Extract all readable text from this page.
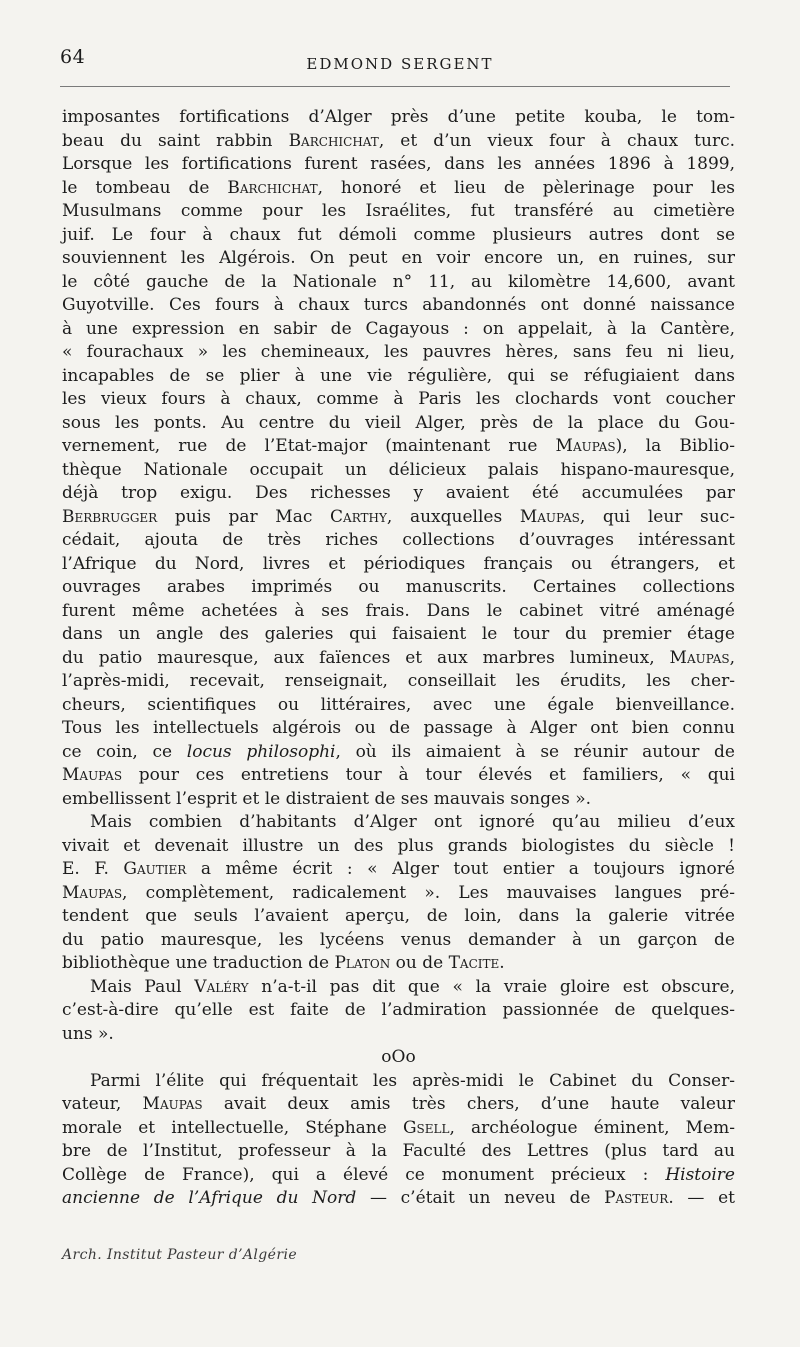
64	EDMOND SERGENT
imposantes fortifications d’Alger près d’une petite kouba, le tom-
beau du saint rabbin Barchichat, et d’un vieux four à chaux turc.
Lorsque les fortifications furent rasées, dans les années 1896 à 1899,
le tombeau de Barchichat, honoré et lieu de pèlerinage pour les
Musulmans comme pour les Israélites, fut transféré au cimetière
juif. Le four à chaux fut démoli comme plusieurs autres dont se
souviennent les Algérois. On peut en voir encore un, en ruines, sur
le côté gauche de la Nationale n° 11, au kilomètre 14,600, avant
Guyotville. Ces fours à chaux turcs abandonnés ont donné naissance
à une expression en sabir de Cagayous : on appelait, à la Cantère,
« fourachaux » les chemineaux, les pauvres hères, sans feu ni lieu,
incapables de se plier à une vie régulière, qui se réfugiaient dans
les vieux fours à chaux, comme à Paris les clochards vont coucher
sous les ponts. Au centre du vieil Alger, près de la place du Gou-
vernement, rue de l’Etat-major (maintenant rue Maupas), la Biblio-
thèque Nationale occupait un délicieux palais hispano-mauresque,
déjà trop exigu. Des richesses y avaient été accumulées par
Berbrugger puis par Mac Carthy, auxquelles Maupas, qui leur suc-
cédait, ajouta de très riches collections d’ouvrages intéressant
l’Afrique du Nord, livres et périodiques français ou étrangers, et
ouvrages arabes imprimés ou manuscrits. Certaines collections
furent même achetées à ses frais. Dans le cabinet vitré aménagé
dans un angle des galeries qui faisaient le tour du premier étage
du patio mauresque, aux faïences et aux marbres lumineux, Maupas,
l’après-midi, recevait, renseignait, conseillait les érudits, les cher-
cheurs, scientifiques ou littéraires, avec une égale bienveillance.
Tous les intellectuels algérois ou de passage à Alger ont bien connu
ce coin, ce locus philosophi, où ils aimaient à se réunir autour de
Maupas pour ces entretiens tour à tour élevés et familiers, « qui
embellissent l’esprit et le distraient de ses mauvais songes ».
Mais combien d’habitants d’Alger ont ignoré qu’au milieu d’eux
vivait et devenait illustre un des plus grands biologistes du siècle !
E. F. Gautier a même écrit : « Alger tout entier a toujours ignoré
Maupas, complètement, radicalement ». Les mauvaises langues pré-
tendent que seuls l’avaient aperçu, de loin, dans la galerie vitrée
du patio mauresque, les lycéens venus demander à un garçon de
bibliothèque une traduction de Platon ou de Tacite.
Mais Paul Valéry n’a-t-il pas dit que « la vraie gloire est obscure,
c’est-à-dire qu’elle est faite de l’admiration passionnée de quelques-
uns ».
oOo
Parmi l’élite qui fréquentait les après-midi le Cabinet du Conser-
vateur, Maupas avait deux amis très chers, d’une haute valeur
morale et intellectuelle, Stéphane Gsell, archéologue éminent, Mem-
bre de l’Institut, professeur à la Faculté des Lettres (plus tard au
Collège de France), qui a élevé ce monument précieux : Histoire
ancienne de l’Afrique du Nord — c’était un neveu de Pasteur. — et
Arch. Institut Pasteur d’Algérie
